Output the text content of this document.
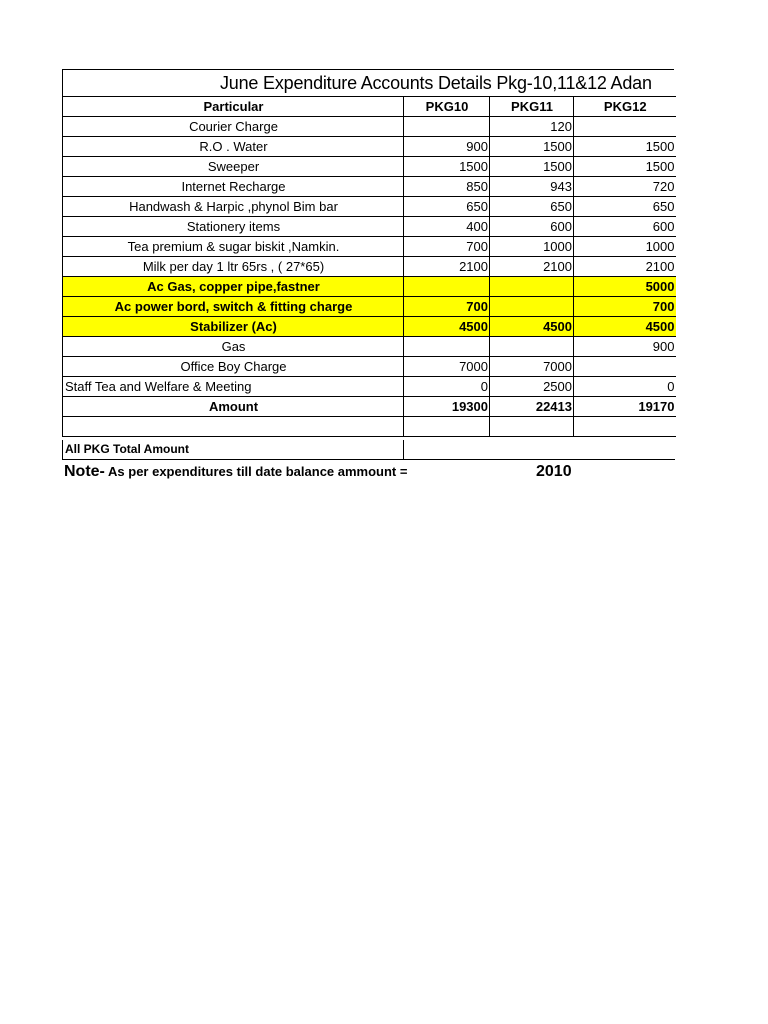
June Expenditure Accounts Details Pkg-10,11&12 Adan
Particular	PKG10	PKG11	PKG12
Courier Charge		120	
R.O . Water	900	1500	1500
Sweeper	1500	1500	1500
Internet Recharge	850	943	720
Handwash & Harpic ,phynol Bim bar	650	650	650
Stationery items	400	600	600
Tea premium & sugar biskit ,Namkin.	700	1000	1000
Milk per day 1 ltr 65rs , ( 27*65)	2100	2100	2100
Ac Gas, copper pipe,fastner			5000
Ac power bord, switch & fitting charge	700		700
Stabilizer (Ac)	4500	4500	4500
Gas			900
Office Boy Charge	7000	7000	
Staff Tea and Welfare & Meeting	0	2500	0
Amount	19300	22413	19170

All PKG Total Amount
Note- As per expenditures till date balance ammount =	2010
